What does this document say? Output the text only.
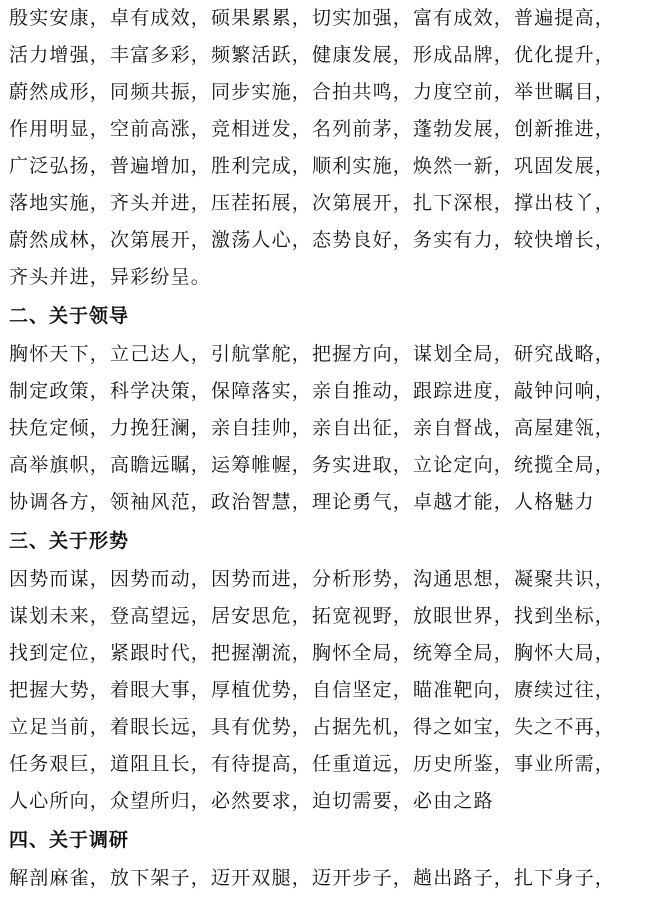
殷实安康，卓有成效，硕果累累，切实加强，富有成效，普遍提高，
活力增强，丰富多彩，频繁活跃，健康发展，形成品牌，优化提升，
蔚然成形，同频共振，同步实施，合拍共鸣，力度空前，举世瞩目，
作用明显，空前高涨，竞相迸发，名列前茅，蓬勃发展，创新推进，
广泛弘扬，普遍增加，胜利完成，顺利实施，焕然一新，巩固发展，
落地实施，齐头并进，压茬拓展，次第展开，扎下深根，撑出枝丫，
蔚然成林，次第展开，激荡人心，态势良好，务实有力，较快增长，
齐头并进，异彩纷呈。
二、关于领导
胸怀天下，立己达人，引航掌舵，把握方向，谋划全局，研究战略，
制定政策，科学决策，保障落实，亲自推动，跟踪进度，敲钟问响，
扶危定倾，力挽狂澜，亲自挂帅，亲自出征，亲自督战，高屋建瓴，
高举旗帜，高瞻远瞩，运筹帷幄，务实进取，立论定向，统揽全局，
协调各方，领袖风范，政治智慧，理论勇气，卓越才能，人格魅力
三、关于形势
因势而谋，因势而动，因势而进，分析形势，沟通思想，凝聚共识，
谋划未来，登高望远，居安思危，拓宽视野，放眼世界，找到坐标，
找到定位，紧跟时代，把握潮流，胸怀全局，统筹全局，胸怀大局，
把握大势，着眼大事，厚植优势，自信坚定，瞄准靶向，赓续过往，
立足当前，着眼长远，具有优势，占据先机，得之如宝，失之不再，
任务艰巨，道阻且长，有待提高，任重道远，历史所鉴，事业所需，
人心所向，众望所归，必然要求，迫切需要，必由之路
四、关于调研
解剖麻雀，放下架子，迈开双腿，迈开步子，趟出路子，扎下身子，
